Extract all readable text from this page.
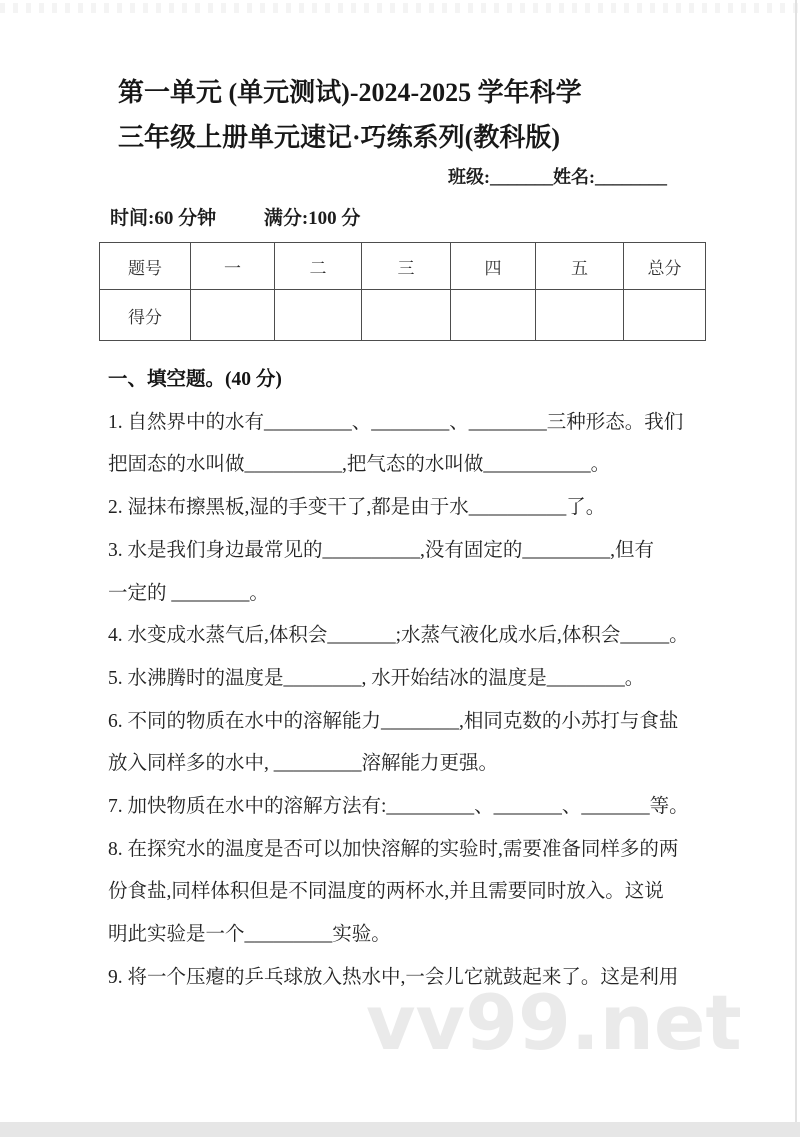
vv99.net
第一单元 (单元测试)-2024-2025 学年科学
三年级上册单元速记·巧练系列(教科版)
班级:_______姓名:________
时间:60 分钟	满分:100 分
题号	一	二	三	四	五	总分
得分						
一、填空题。(40 分)
1. 自然界中的水有_________、________、________三种形态。我们
把固态的水叫做__________,把气态的水叫做___________。
2. 湿抹布擦黑板,湿的手变干了,都是由于水__________了。
3. 水是我们身边最常见的__________,没有固定的_________,但有
一定的 ________。
4. 水变成水蒸气后,体积会_______;水蒸气液化成水后,体积会_____。
5. 水沸腾时的温度是________, 水开始结冰的温度是________。
6. 不同的物质在水中的溶解能力________,相同克数的小苏打与食盐
放入同样多的水中, _________溶解能力更强。
7. 加快物质在水中的溶解方法有:_________、_______、_______等。
8. 在探究水的温度是否可以加快溶解的实验时,需要准备同样多的两
份食盐,同样体积但是不同温度的两杯水,并且需要同时放入。这说
明此实验是一个_________实验。
9. 将一个压瘪的乒乓球放入热水中,一会儿它就鼓起来了。这是利用
